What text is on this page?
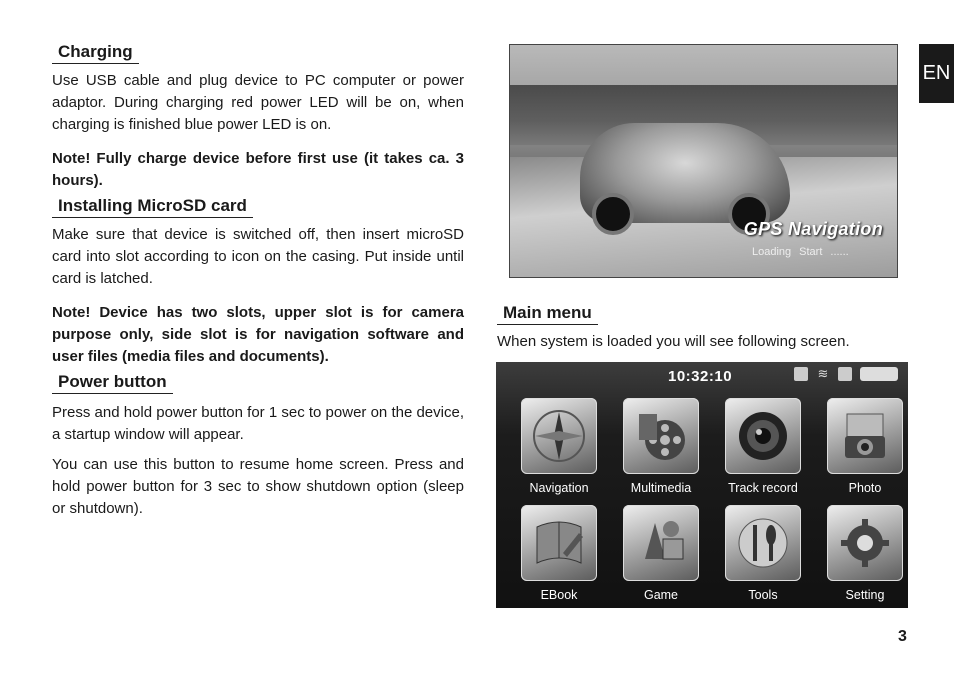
Charging

Use USB cable and plug device to PC computer or power adaptor. During charging red power LED will be on, when charging is finished blue power LED is on.

Note! Fully charge device before first use (it takes ca. 3 hours).

Installing MicroSD card

Make sure that device is switched off, then insert microSD card into slot according to icon on the casing. Put inside until card is latched.

Note! Device has two slots, upper slot is for camera purpose only, side slot is for navigation software and user files (media files and documents).

Power button

Press and hold power button for 1 sec to power on the device, a startup window will appear.

You can use this button to resume home screen. Press and hold power button for 3 sec to show shutdown option (sleep or shutdown).

GPS Navigation
Loading Start ......
Main menu

When system is loaded you will see following screen.

10:32:10	≋
Navigation	Multimedia	Track record	Photo
EBook	Game	Tools	Setting
EN
3
